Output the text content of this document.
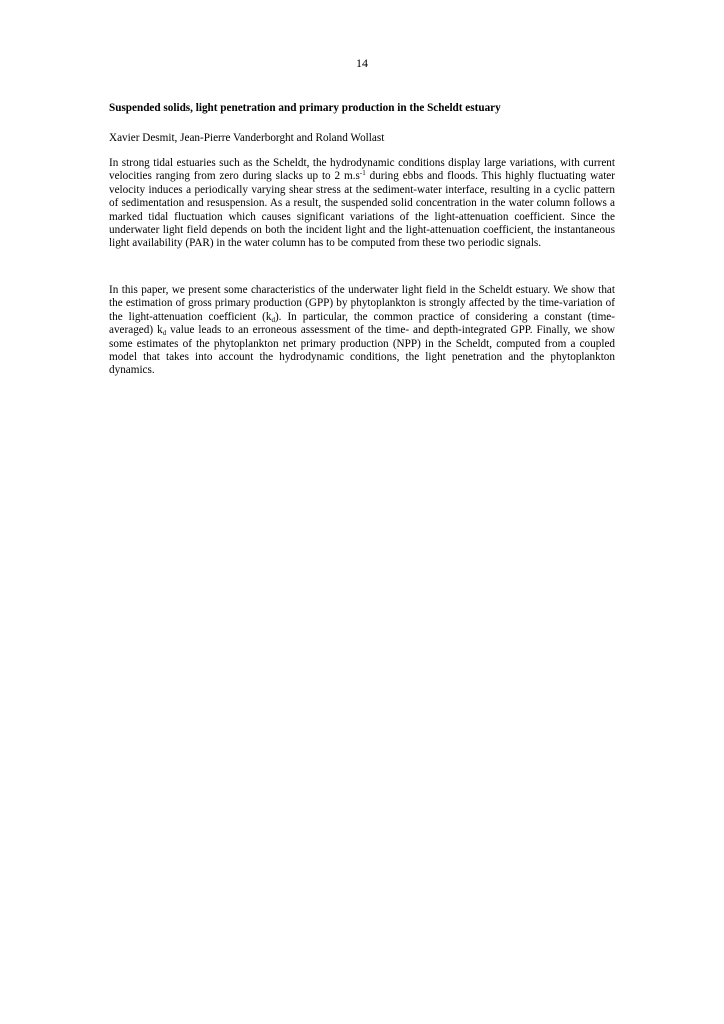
14
Suspended solids, light penetration and primary production in the Scheldt estuary
Xavier Desmit, Jean-Pierre Vanderborght and Roland Wollast
In strong tidal estuaries such as the Scheldt, the hydrodynamic conditions display large variations, with current velocities ranging from zero during slacks up to 2 $m.s^{-1}$ during ebbs and floods. This highly fluctuating water velocity induces a periodically varying shear stress at the sediment-water interface, resulting in a cyclic pattern of sedimentation and resuspension. As a result, the suspended solid concentration in the water column follows a marked tidal fluctuation which causes significant variations of the light-attenuation coefficient. Since the underwater light field depends on both the incident light and the light-attenuation coefficient, the instantaneous light availability (PAR) in the water column has to be computed from these two periodic signals.
In this paper, we present some characteristics of the underwater light field in the Scheldt estuary. We show that the estimation of gross primary production (GPP) by phytoplankton is strongly affected by the time-variation of the light-attenuation coefficient $(k_d)$. In particular, the common practice of considering a constant (time-averaged) $k_d$ value leads to an erroneous assessment of the time- and depth-integrated GPP. Finally, we show some estimates of the phytoplankton net primary production (NPP) in the Scheldt, computed from a coupled model that takes into account the hydrodynamic conditions, the light penetration and the phytoplankton dynamics.
